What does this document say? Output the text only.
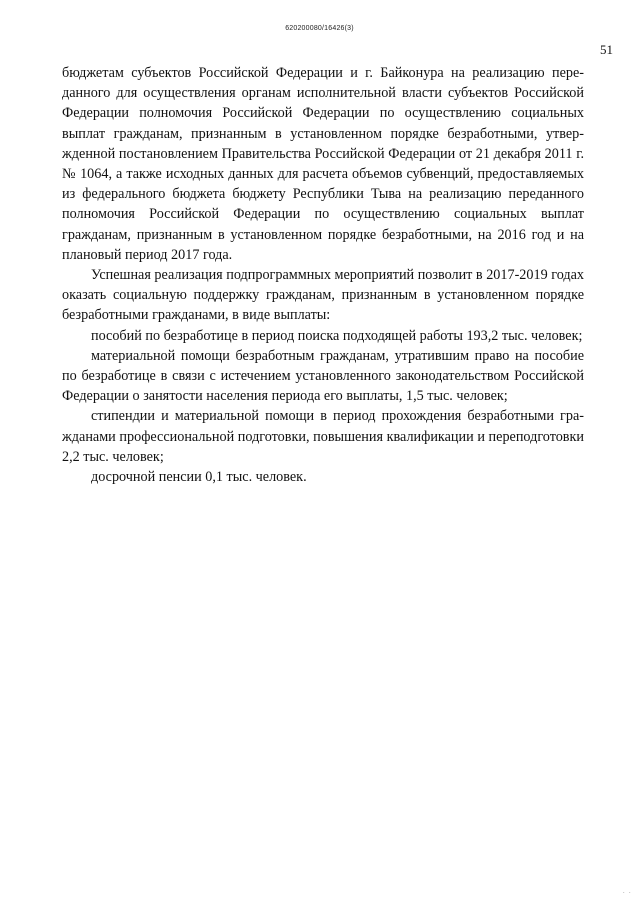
620200080/16426(3)
51

бюджетам субъектов Российской Федерации и г. Байконура на реализацию переданного для осуществления органам исполнительной власти субъектов Российской Федерации полномочия Российской Федерации по осуществлению социальных выплат гражданам, признанным в установленном порядке безработными, утвержденной постановлением Правительства Российской Федерации от 21 декабря 2011 г. № 1064, а также исходных данных для расчета объемов субвенций, предоставляемых из федерального бюджета бюджету Республики Тыва на реализацию переданного полномочия Российской Федерации по осуществлению социальных выплат гражданам, признанным в установленном порядке безработными, на 2016 год и на плановый период 2017 года.

Успешная реализация подпрограммных мероприятий позволит в 2017-2019 годах оказать социальную поддержку гражданам, признанным в установленном порядке безработными гражданами, в виде выплаты:

пособий по безработице в период поиска подходящей работы 193,2 тыс. человек;

материальной помощи безработным гражданам, утратившим право на пособие по безработице в связи с истечением установленного законодательством Российской Федерации о занятости населения периода его выплаты, 1,5 тыс. человек;

стипендии и материальной помощи в период прохождения безработными гражданами профессиональной подготовки, повышения квалификации и переподготовки 2,2 тыс. человек;

досрочной пенсии 0,1 тыс. человек.

· ·
